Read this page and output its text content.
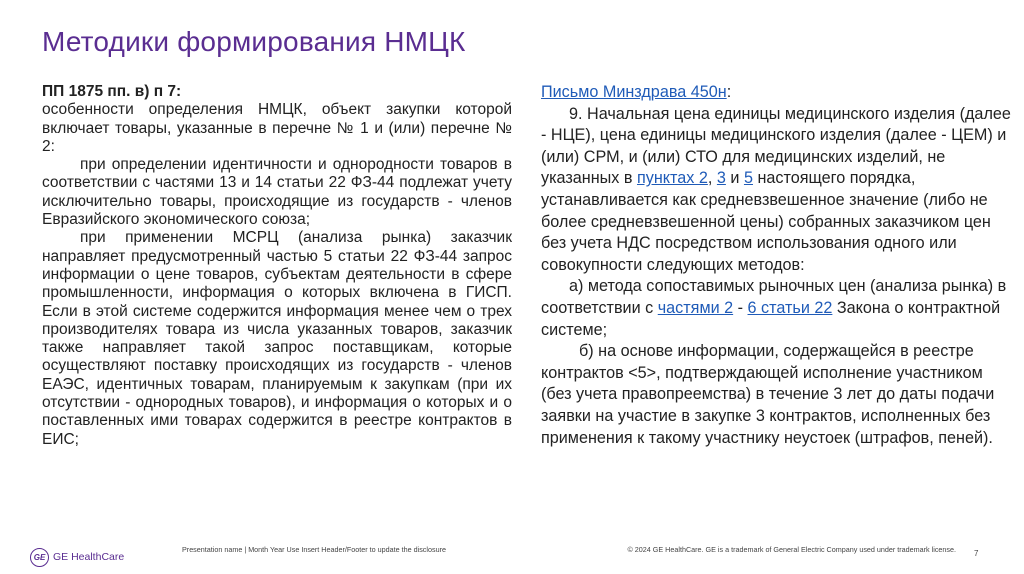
Методики формирования НМЦК

ПП 1875 пп. в) п 7:

особенности определения НМЦК, объект закупки которой включает товары, указанные в перечне № 1 и (или) перечне № 2:

при определении идентичности и однородности товаров в соответствии с частями 13 и 14 статьи 22 ФЗ-44 подлежат учету исключительно товары, происходящие из государств - членов Евразийского экономического союза;

при применении МСРЦ (анализа рынка) заказчик направляет предусмотренный частью 5 статьи 22 ФЗ-44 запрос информации о цене товаров, субъектам деятельности в сфере промышленности, информация о которых включена в ГИСП. Если в этой системе содержится информация менее чем о трех производителях товара из числа указанных товаров, заказчик также направляет такой запрос поставщикам, которые осуществляют поставку происходящих из государств - членов ЕАЭС, идентичных товарам, планируемым к закупкам (при их отсутствии - однородных товаров), и информация о которых и о поставленных ими товарах содержится в реестре контрактов в ЕИС;

Письмо Минздрава 450н:

9. Начальная цена единицы медицинского изделия (далее - НЦЕ), цена единицы медицинского изделия (далее - ЦЕМ) и (или) СРМ, и (или) СТО для медицинских изделий, не указанных в пунктах 2, 3 и 5 настоящего порядка, устанавливается как средневзвешенное значение (либо не более средневзвешенной цены) собранных заказчиком цен без учета НДС посредством использования одного или совокупности следующих методов:

а) метода сопоставимых рыночных цен (анализа рынка) в соответствии с частями 2 - 6 статьи 22 Закона о контрактной системе;

б) на основе информации, содержащейся в реестре контрактов <5>, подтверждающей исполнение участником (без учета правопреемства) в течение 3 лет до даты подачи заявки на участие в закупке 3 контрактов, исполненных без применения к такому участнику неустоек (штрафов, пеней).

GE GE HealthCare
Presentation name | Month Year Use Insert Header/Footer to update the disclosure	© 2024 GE HealthCare. GE is a trademark of General Electric Company used under trademark license. 7
